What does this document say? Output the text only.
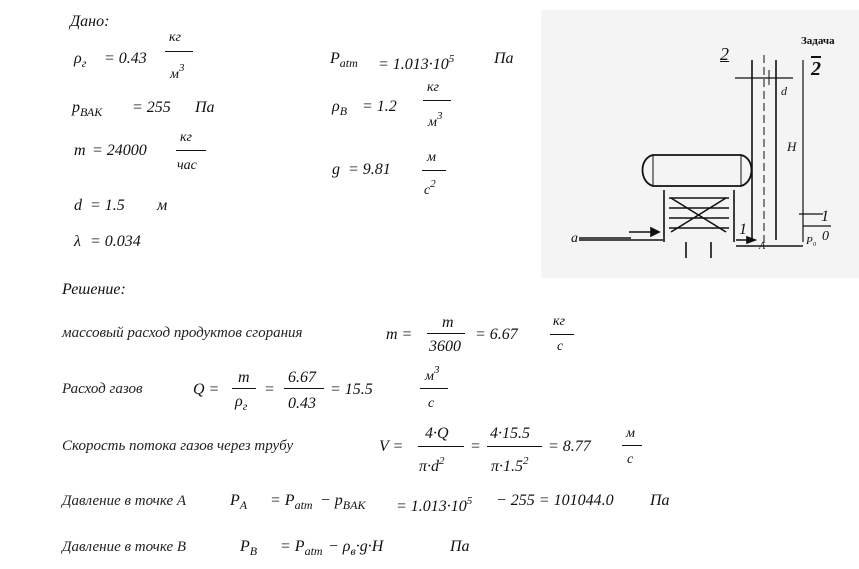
Дано:
$\rho_г = 0.43$
кг
$м^3$
$p_{ВАК} = 255$ Па
m = 24000
кг
час
d = 1.5 м
λ = 0.034
$P_{atm} = 1.013\cdot 10^5$ Па
$\rho_B = 1.2$
кг
$м^3$
g = 9.81
м
$с^2$
Решение:
массовый расход продуктов сгорания	m =
m
3600
= 6.67
кг
с
Расход газов	Q =
m
$\rho_г$
=
6.67
0.43
= 15.5
$м^3$
с
Скорость потока газов через трубу	V =
4·Q
$\pi\cdot d^2$
=
4·15.5
$\pi\cdot 1.5^2$
= 8.77
м
с
Давление в точке А	$P_A = P_{atm} - p_{BAK} = 1.013\cdot 10^5 - 255 = 101044.0$ Па
Давление в точке B	$P_B = P_{atm} - \rho_в\cdot g\cdot H$	Па
Задача
2
2
1
0
1
d
H
P₀
a
A
